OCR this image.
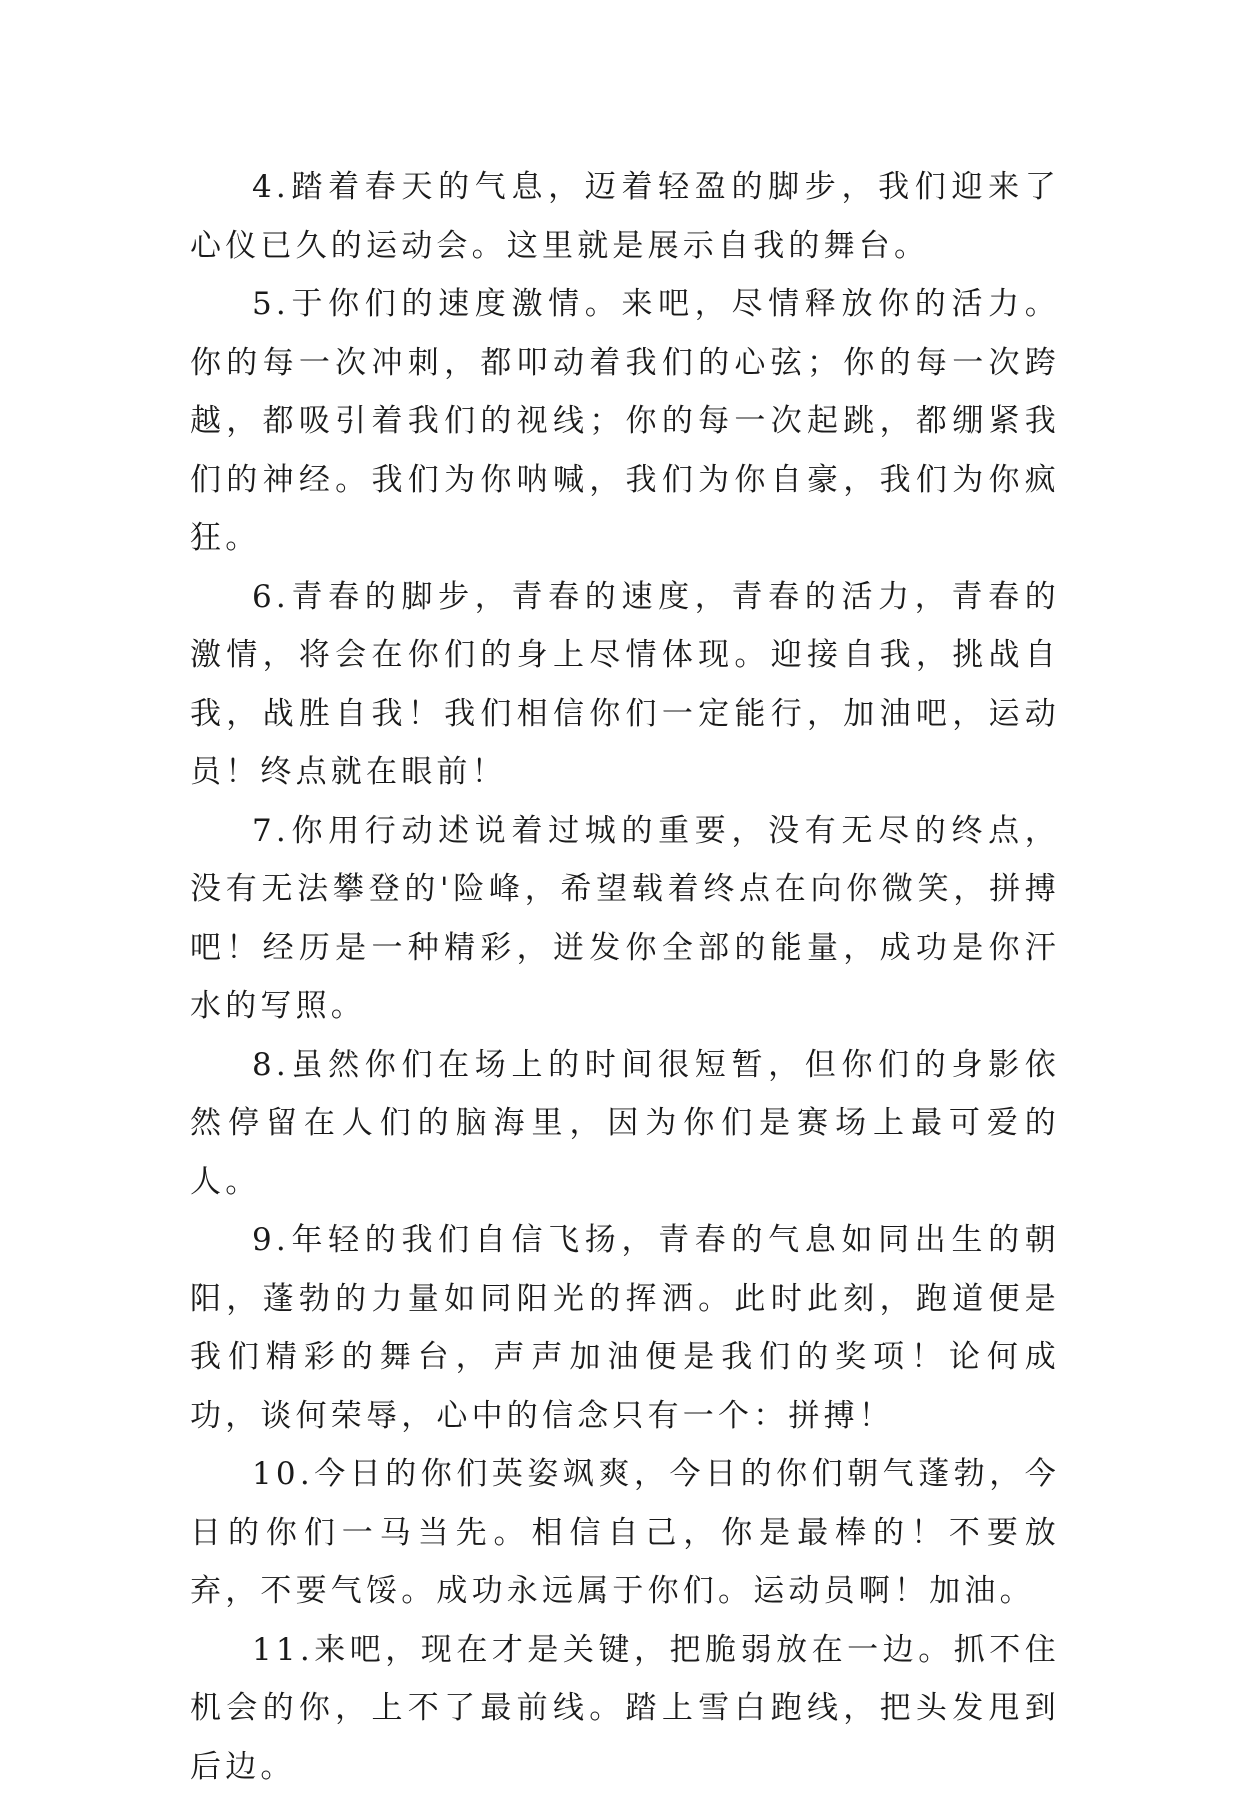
4.踏着春天的气息，迈着轻盈的脚步，我们迎来了心仪已久的运动会。这里就是展示自我的舞台。

5.于你们的速度激情。来吧，尽情释放你的活力。你的每一次冲刺，都叩动着我们的心弦；你的每一次跨越，都吸引着我们的视线；你的每一次起跳，都绷紧我们的神经。我们为你呐喊，我们为你自豪，我们为你疯狂。

6.青春的脚步，青春的速度，青春的活力，青春的激情，将会在你们的身上尽情体现。迎接自我，挑战自我，战胜自我！我们相信你们一定能行，加油吧，运动员！终点就在眼前！

7.你用行动述说着过城的重要，没有无尽的终点，没有无法攀登的'险峰，希望载着终点在向你微笑，拼搏吧！经历是一种精彩，迸发你全部的能量，成功是你汗水的写照。

8.虽然你们在场上的时间很短暂，但你们的身影依然停留在人们的脑海里，因为你们是赛场上最可爱的人。

9.年轻的我们自信飞扬，青春的气息如同出生的朝阳，蓬勃的力量如同阳光的挥洒。此时此刻，跑道便是我们精彩的舞台，声声加油便是我们的奖项！论何成功，谈何荣辱，心中的信念只有一个：拼搏！

10.今日的你们英姿飒爽，今日的你们朝气蓬勃，今日的你们一马当先。相信自己，你是最棒的！不要放弃，不要气馁。成功永远属于你们。运动员啊！加油。

11.来吧，现在才是关键，把脆弱放在一边。抓不住机会的你，上不了最前线。踏上雪白跑线，把头发甩到后边。
